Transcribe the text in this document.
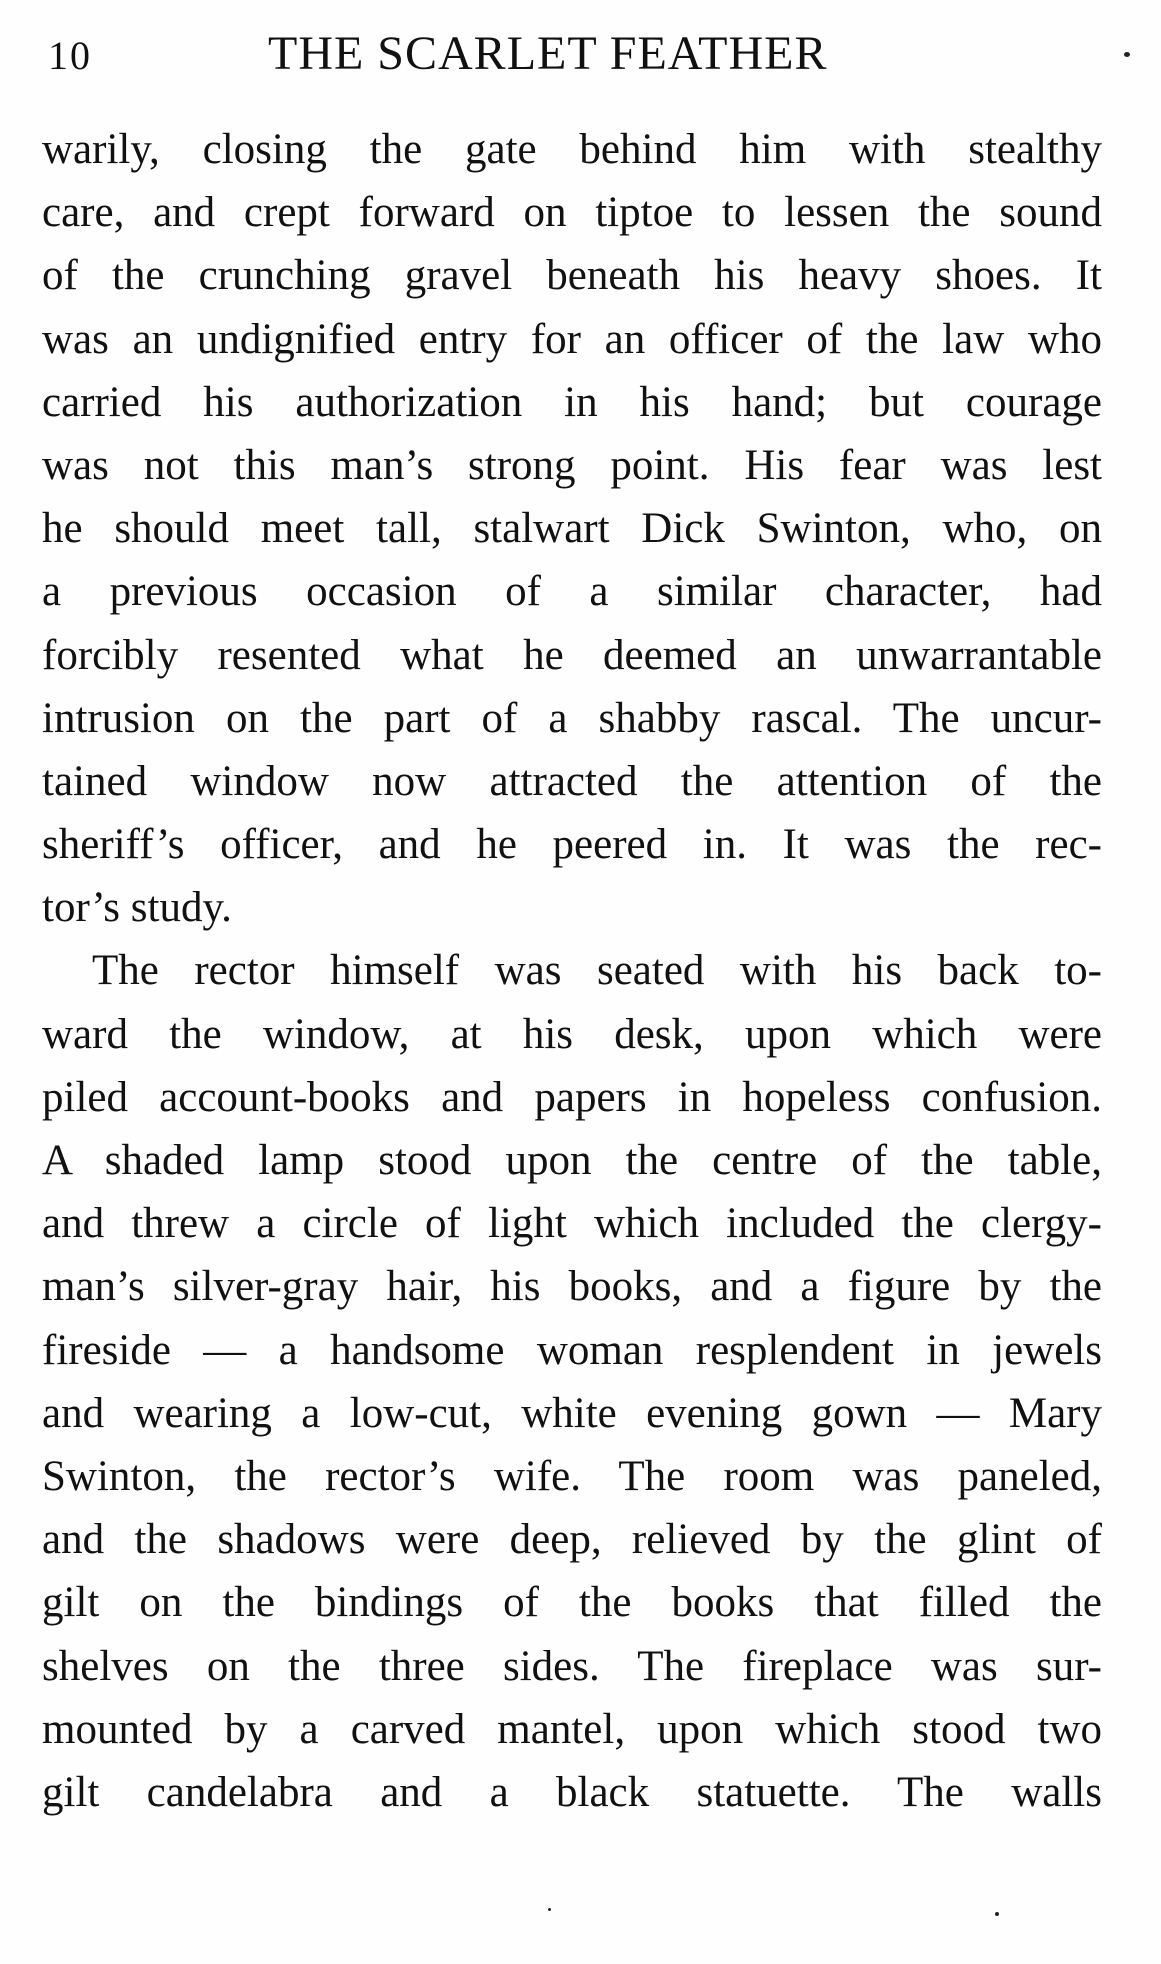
10	THE SCARLET FEATHER
warily, closing the gate behind him with stealthy
care, and crept forward on tiptoe to lessen the sound
of the crunching gravel beneath his heavy shoes. It
was an undignified entry for an officer of the law who
carried his authorization in his hand; but courage
was not this man’s strong point. His fear was lest
he should meet tall, stalwart Dick Swinton, who, on
a previous occasion of a similar character, had
forcibly resented what he deemed an unwarrantable
intrusion on the part of a shabby rascal. The uncur-
tained window now attracted the attention of the
sheriff’s officer, and he peered in. It was the rec-
tor’s study.
The rector himself was seated with his back to-
ward the window, at his desk, upon which were
piled account-books and papers in hopeless confusion.
A shaded lamp stood upon the centre of the table,
and threw a circle of light which included the clergy-
man’s silver-gray hair, his books, and a figure by the
fireside — a handsome woman resplendent in jewels
and wearing a low-cut, white evening gown — Mary
Swinton, the rector’s wife. The room was paneled,
and the shadows were deep, relieved by the glint of
gilt on the bindings of the books that filled the
shelves on the three sides. The fireplace was sur-
mounted by a carved mantel, upon which stood two
gilt candelabra and a black statuette. The walls
